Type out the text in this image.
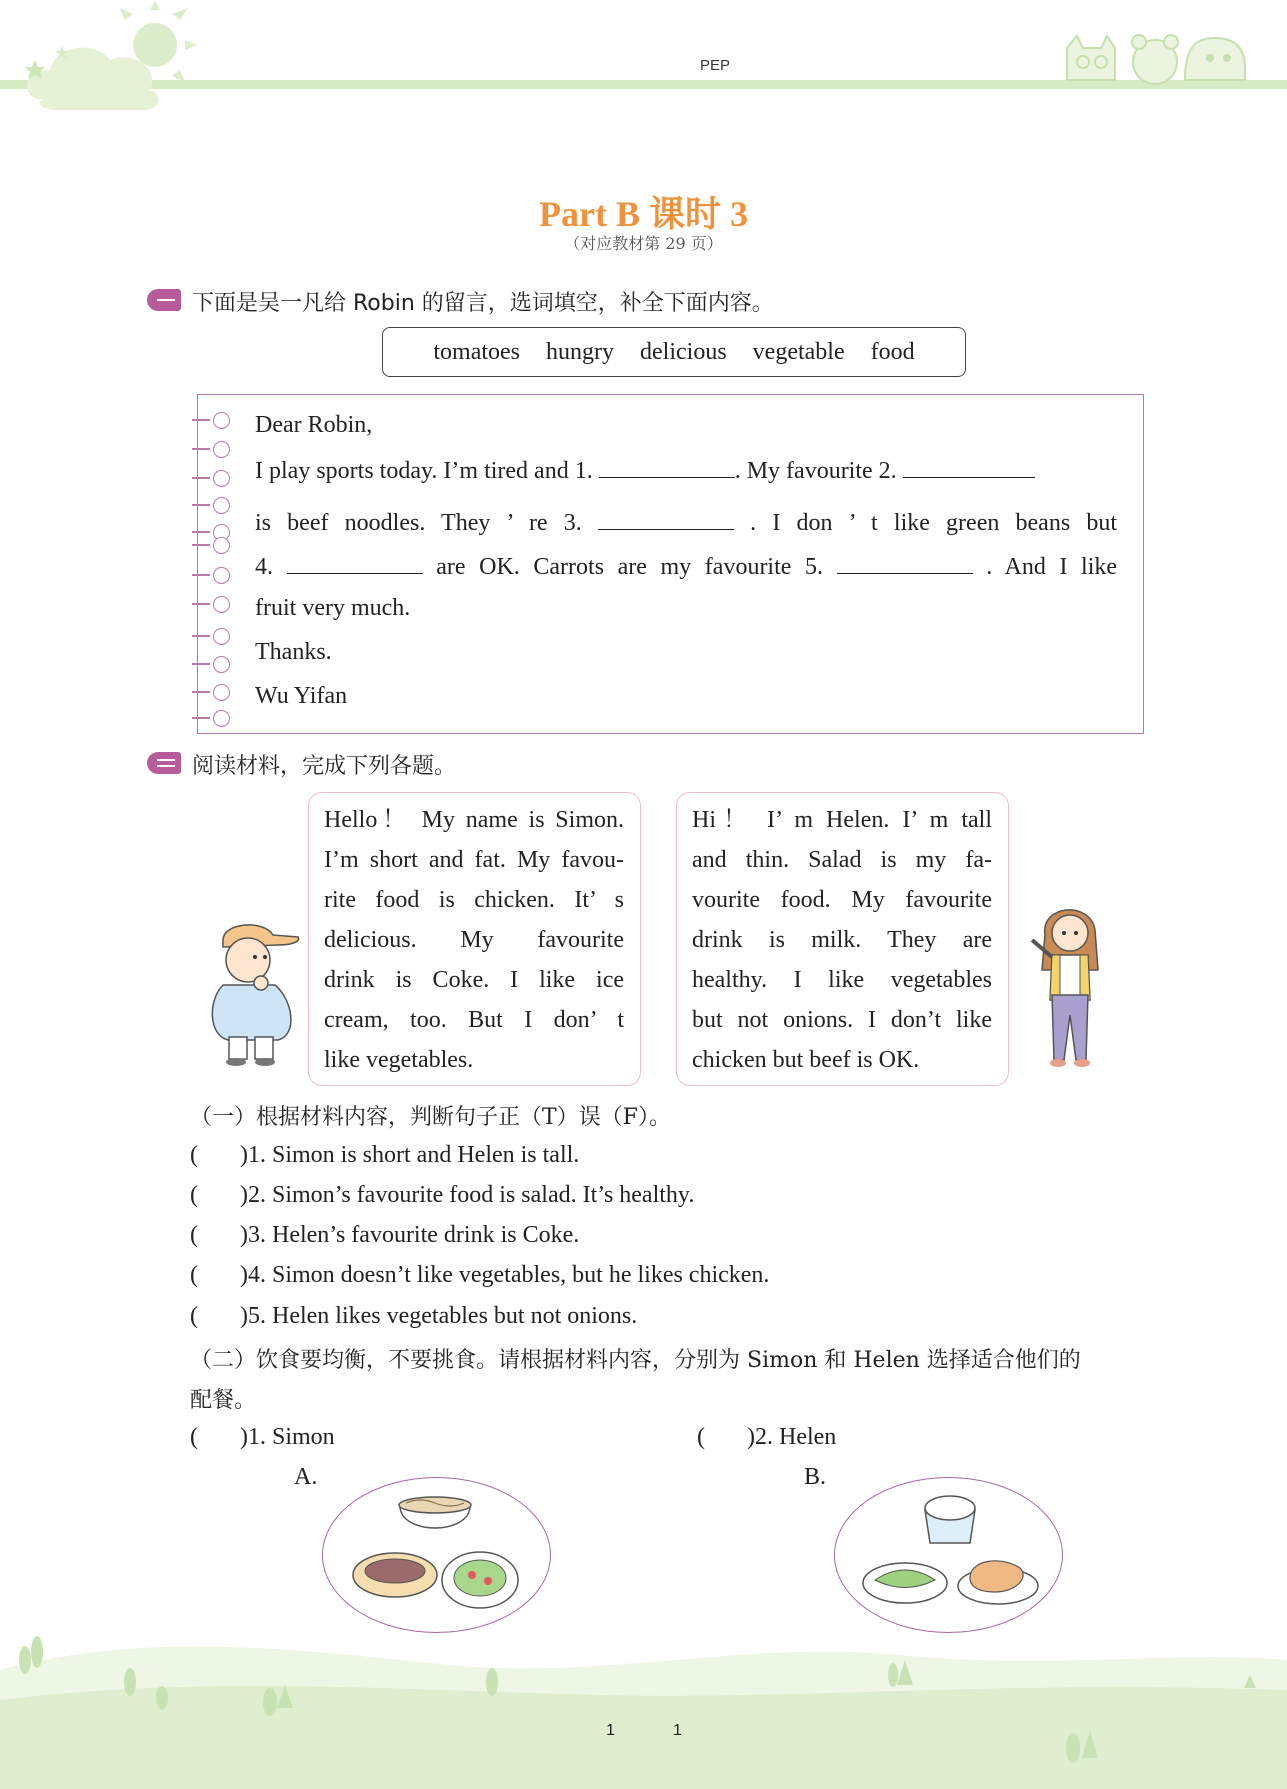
PEP
Part B 课时 3
（对应教材第 29 页）
下面是吴一凡给 Robin 的留言，选词填空，补全下面内容。
tomatoes hungry delicious vegetable food
Dear Robin,
I play sports today. I’m tired and 1.	. My favourite 2.
is beef noodles. They ’ re 3.	. I don ’ t like green beans but
4.	are OK. Carrots are my favourite 5.	. And I like
fruit very much.
Thanks.
Wu Yifan
阅读材料，完成下列各题。
Hello！ My name is Simon.
I’m short and fat. My favou-
rite food is chicken. It’ s
delicious. My favourite
drink is Coke. I like ice
cream, too. But I don’ t
like vegetables.
Hi！ I’ m Helen. I’ m tall
and thin. Salad is my fa-
vourite food. My favourite
drink is milk. They are
healthy. I like vegetables
but not onions. I don’t like
chicken but beef is OK.
（一）根据材料内容，判断句子正（T）误（F）。
(       )1. Simon is short and Helen is tall.
(       )2. Simon’s favourite food is salad. It’s healthy.
(       )3. Helen’s favourite drink is Coke.
(       )4. Simon doesn’t like vegetables, but he likes chicken.
(       )5. Helen likes vegetables but not onions.
（二）饮食要均衡，不要挑食。请根据材料内容，分别为 Simon 和 Helen 选择适合他们的
配餐。
(       )1. Simon	(       )2. Helen
A.	B.
1	1
